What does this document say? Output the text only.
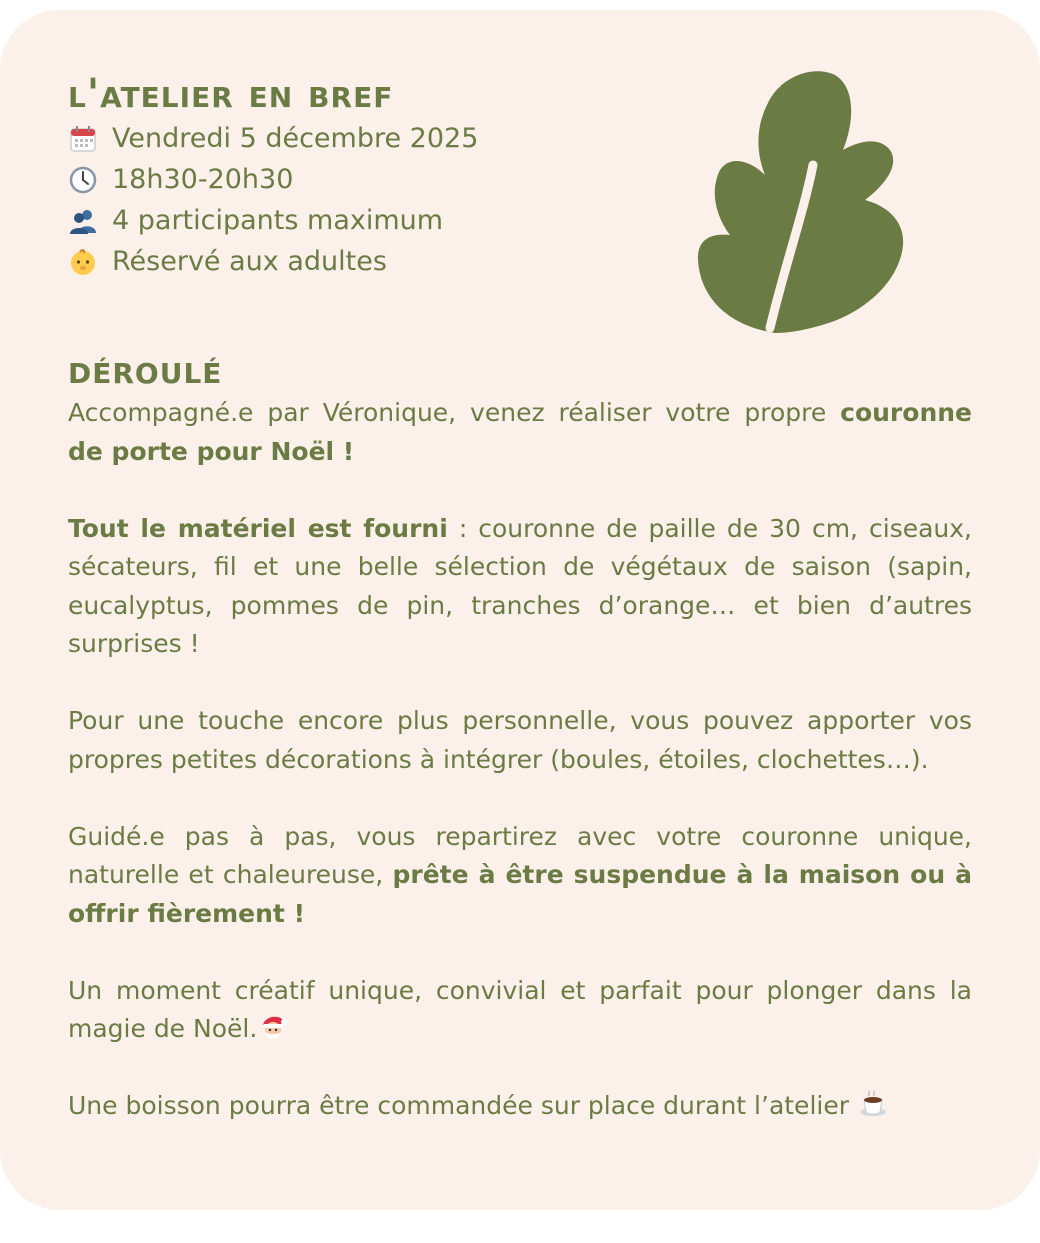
l'atelier en bref
Vendredi 5 décembre 2025
18h30-20h30
4 participants maximum
Réservé aux adultes
déroulé

Accompagné.e par Véronique, venez réaliser votre propre couronne de porte pour Noël !

Tout le matériel est fourni : couronne de paille de 30 cm, ciseaux, sécateurs, fil et une belle sélection de végétaux de saison (sapin, eucalyptus, pommes de pin, tranches d’orange… et bien d’autres surprises !

Pour une touche encore plus personnelle, vous pouvez apporter vos propres petites décorations à intégrer (boules, étoiles, clochettes…).

Guidé.e pas à pas, vous repartirez avec votre couronne unique, naturelle et chaleureuse, prête à être suspendue à la maison ou à offrir fièrement !

Un moment créatif unique, convivial et parfait pour plonger dans la magie de Noël.

Une boisson pourra être commandée sur place durant l’atelier
